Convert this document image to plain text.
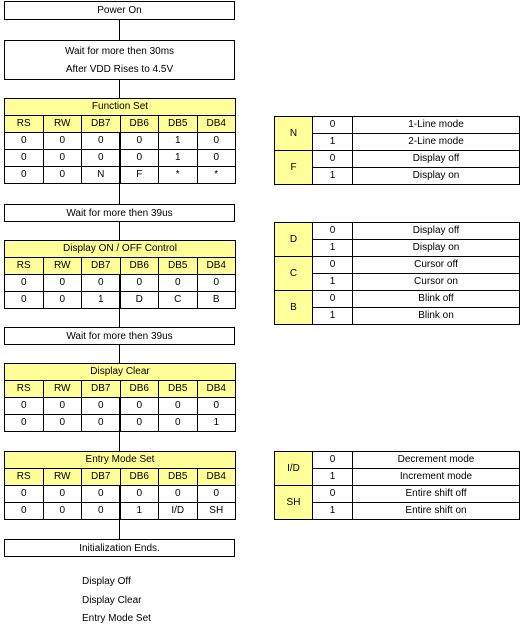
Power On
Wait for more then 30ms
After VDD Rises to 4.5V
Function Set					
RS	RW	DB7	DB6	DB5	DB4
0	0	0	0	1	0
0	0	0	0	1	0
0	0	N	F	*	*
Wait for more then 39us
Display ON / OFF Control					
RS	RW	DB7	DB6	DB5	DB4
0	0	0	0	0	0
0	0	1	D	C	B
Wait for more then 39us
Display Clear					
RS	RW	DB7	DB6	DB5	DB4
0	0	0	0	0	0
0	0	0	0	0	1
Entry Mode Set					
RS	RW	DB7	DB6	DB5	DB4
0	0	0	0	0	0
0	0	0	1	I/D	SH
Initialization Ends.
N	0	1-Line mode
	1	2-Line mode
F	0	Display off
	1	Display on
D	0	Display off
	1	Display on
C	0	Cursor off
	1	Cursor on
B	0	Blink off
	1	Blink on
I/D	0	Decrement mode
	1	Increment mode
SH	0	Entire shift off
	1	Entire shift on
Display Off
Display Clear
Entry Mode Set
